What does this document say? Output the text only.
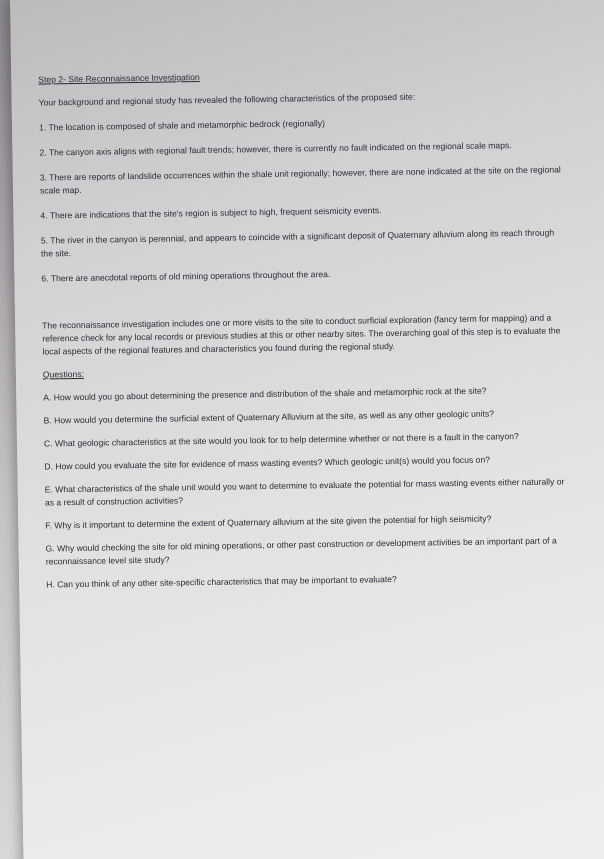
Step 2- Site Reconnaissance Investigation
Your background and regional study has revealed the following characteristics of the proposed site:
1. The location is composed of shale and metamorphic bedrock (regionally)
2. The canyon axis aligns with regional fault trends; however, there is currently no fault indicated on the regional scale maps.
3. There are reports of landslide occurrences within the shale unit regionally; however, there are none indicated at the site on the regional scale map.
4. There are indications that the site's region is subject to high, frequent seismicity events.
5. The river in the canyon is perennial, and appears to coincide with a significant deposit of Quaternary alluvium along its reach through the site.
6. There are anecdotal reports of old mining operations throughout the area.
The reconnaissance investigation includes one or more visits to the site to conduct surficial exploration (fancy term for mapping) and a reference check for any local records or previous studies at this or other nearby sites. The overarching goal of this step is to evaluate the local aspects of the regional features and characteristics you found during the regional study.
Questions:
A. How would you go about determining the presence and distribution of the shale and metamorphic rock at the site?
B. How would you determine the surficial extent of Quaternary Alluvium at the site, as well as any other geologic units?
C. What geologic characteristics at the site would you look for to help determine whether or not there is a fault in the canyon?
D. How could you evaluate the site for evidence of mass wasting events? Which geologic unit(s) would you focus on?
E. What characteristics of the shale unit would you want to determine to evaluate the potential for mass wasting events either naturally or as a result of construction activities?
F. Why is it important to determine the extent of Quaternary alluvium at the site given the potential for high seismicity?
G. Why would checking the site for old mining operations, or other past construction or development activities be an important part of a reconnaissance level site study?
H. Can you think of any other site-specific characteristics that may be important to evaluate?
